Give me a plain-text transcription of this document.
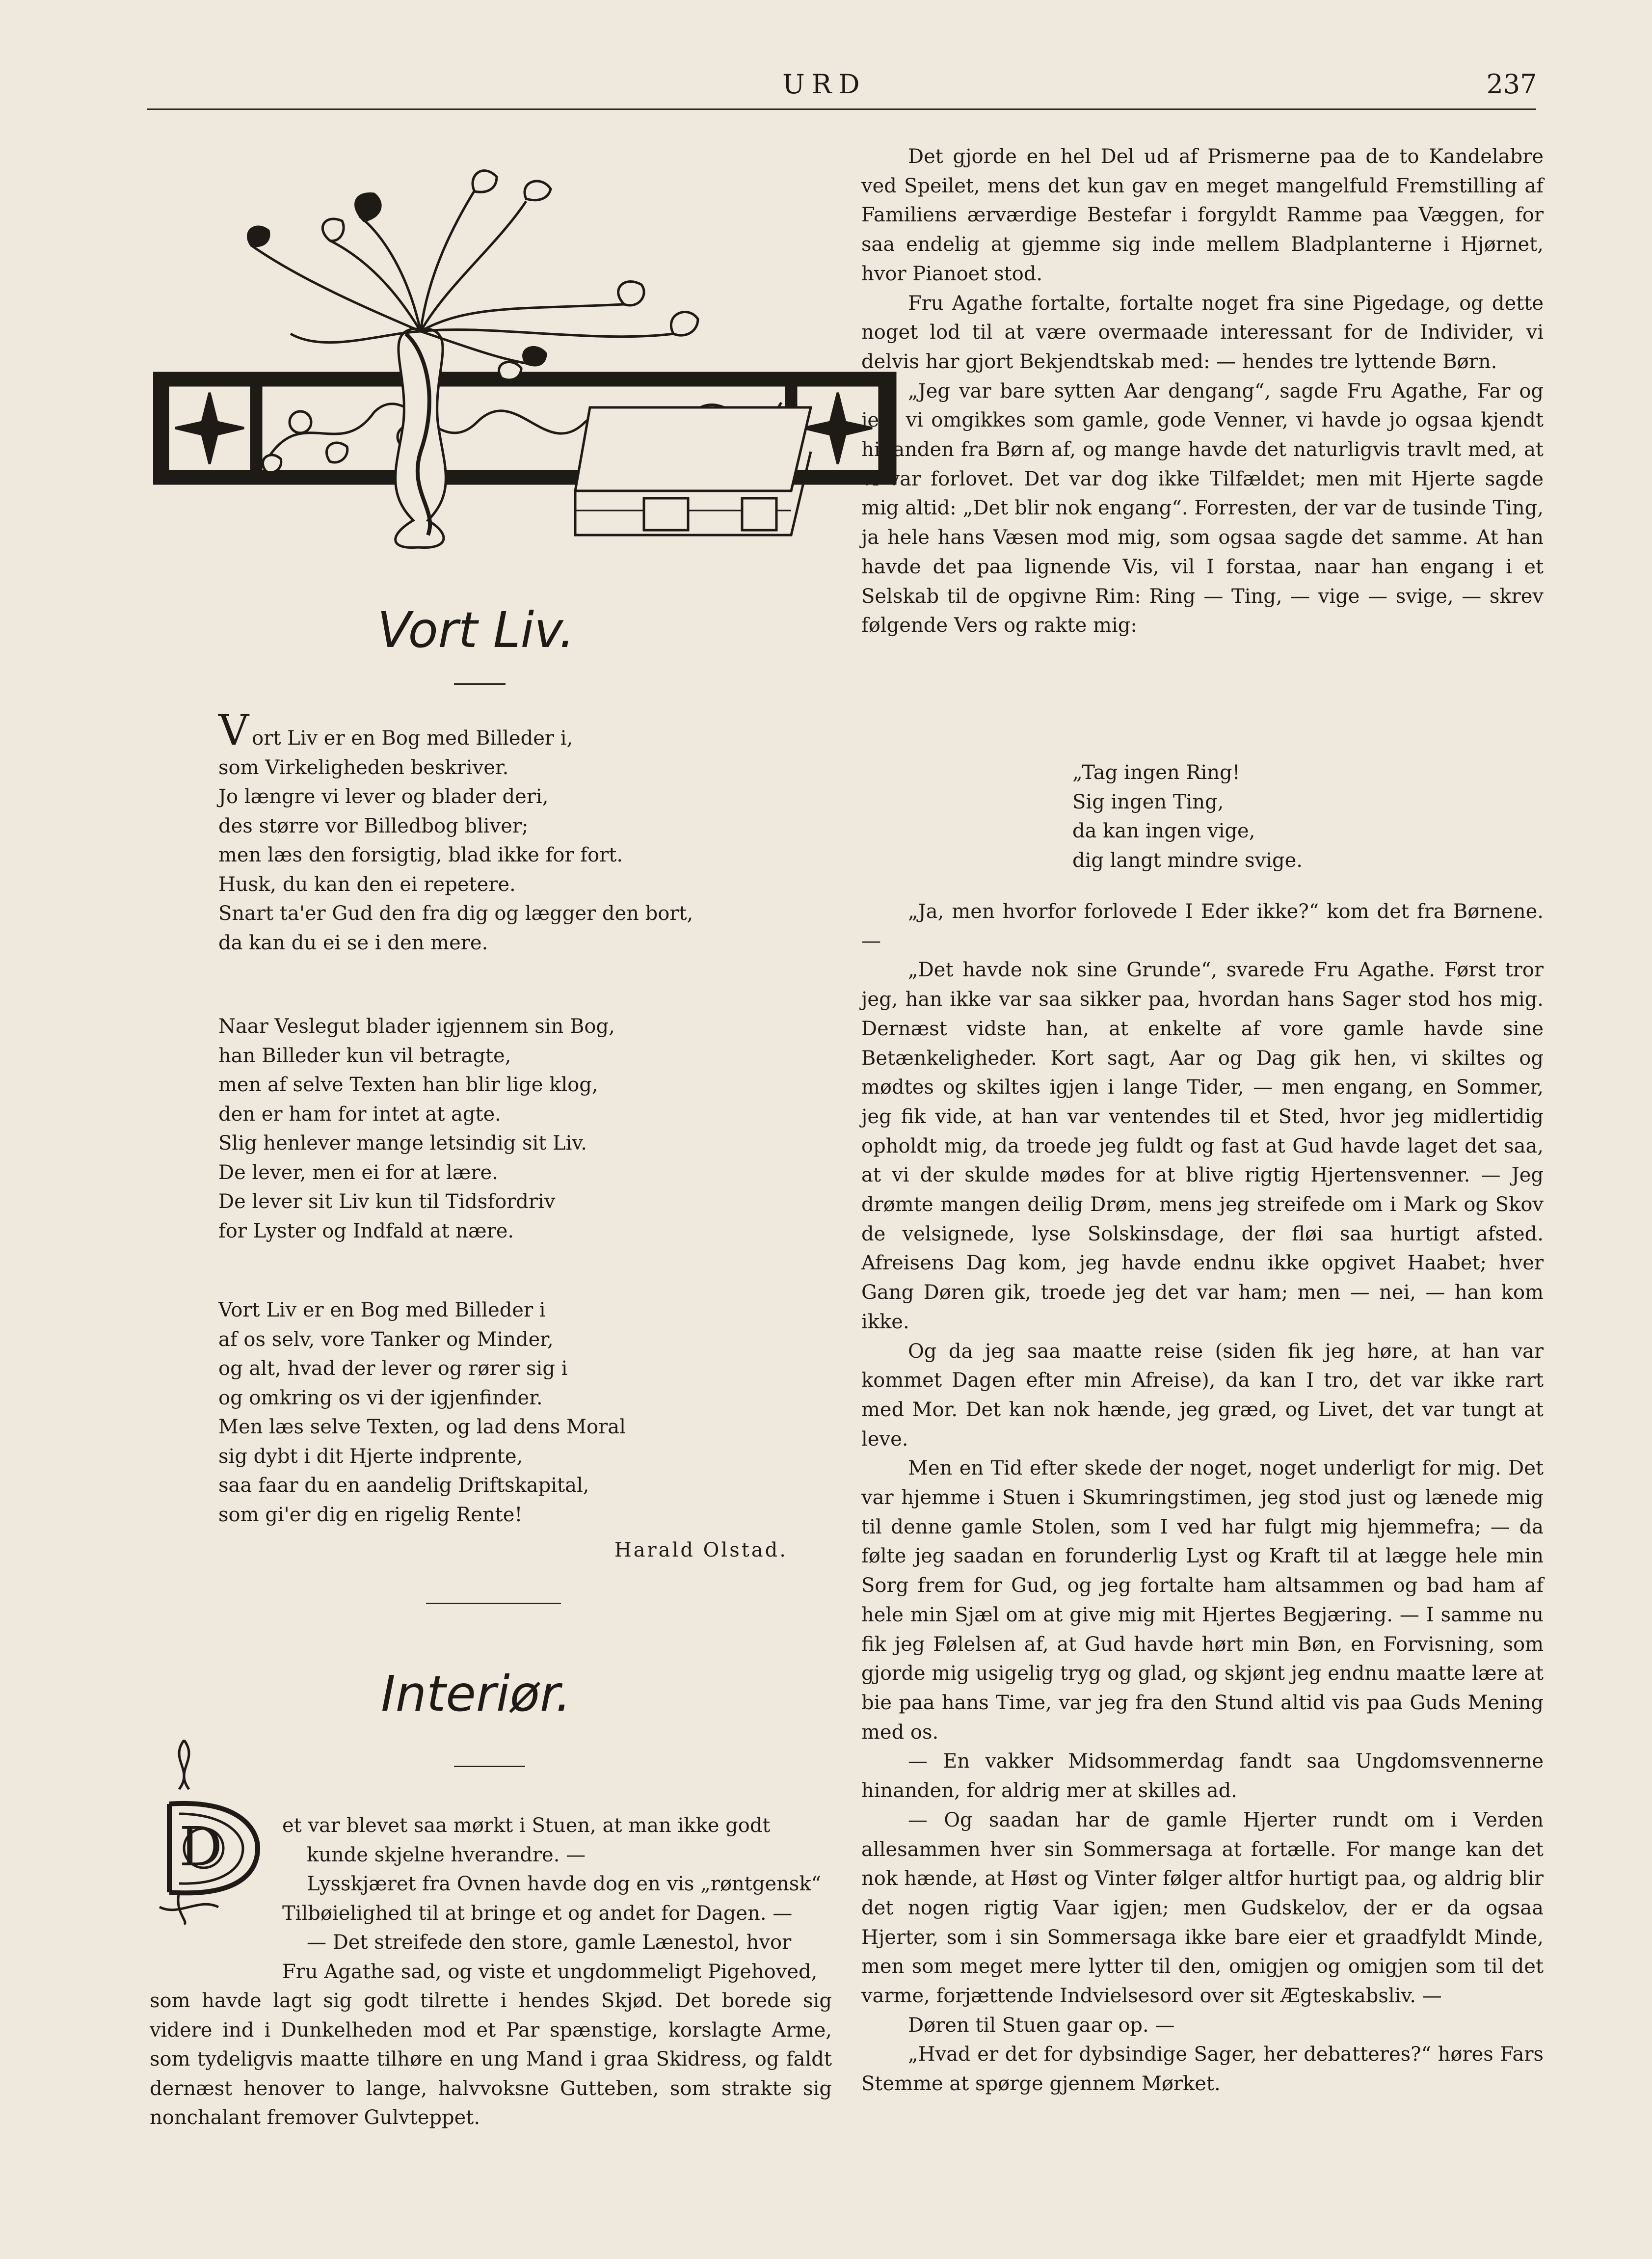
URD	237
Ang.
Vort Liv.
Vort Liv er en Bog med Billeder i,
som Virkeligheden beskriver.
Jo længre vi lever og blader deri,
des større vor Billedbog bliver;
men læs den forsigtig, blad ikke for fort.
Husk, du kan den ei repetere.
Snart ta'er Gud den fra dig og lægger den bort,
da kan du ei se i den mere.
Naar Veslegut blader igjennem sin Bog,
han Billeder kun vil betragte,
men af selve Texten han blir lige klog,
den er ham for intet at agte.
Slig henlever mange letsindig sit Liv.
De lever, men ei for at lære.
De lever sit Liv kun til Tidsfordriv
for Lyster og Indfald at nære.
Vort Liv er en Bog med Billeder i
af os selv, vore Tanker og Minder,
og alt, hvad der lever og rører sig i
og omkring os vi der igjenfinder.
Men læs selve Texten, og lad dens Moral
sig dybt i dit Hjerte indprente,
saa faar du en aandelig Driftskapital,
som gi'er dig en rigelig Rente!
Harald Olstad.
Interiør.
D	et var blevet saa mørkt i Stuen, at man ikke godt
kunde skjelne hverandre. —
Lysskjæret fra Ovnen havde dog en vis „røntgensk“
Tilbøielighed til at bringe et og andet for Dagen. —
— Det streifede den store, gamle Lænestol, hvor
Fru Agathe sad, og viste et ungdommeligt Pigehoved,
som havde lagt sig godt tilrette i hendes Skjød. Det borede sig videre ind i Dunkelheden mod et Par spænstige, korslagte Arme, som tydeligvis maatte tilhøre en ung Mand i graa Skidress, og faldt dernæst henover to lange, halvvoksne Gutteben, som strakte sig nonchalant fremover Gulvteppet.

Det gjorde en hel Del ud af Prismerne paa de to Kandelabre ved Speilet, mens det kun gav en meget mangelfuld Fremstilling af Familiens ærværdige Bestefar i forgyldt Ramme paa Væggen, for saa endelig at gjemme sig inde mellem Bladplanterne i Hjørnet, hvor Pianoet stod.

Fru Agathe fortalte, fortalte noget fra sine Pigedage, og dette noget lod til at være overmaade interessant for de Individer, vi delvis har gjort Bekjendtskab med: — hendes tre lyttende Børn.

„Jeg var bare sytten Aar dengang“, sagde Fru Agathe, Far og jeg, vi omgikkes som gamle, gode Venner, vi havde jo ogsaa kjendt hinanden fra Børn af, og mange havde det naturligvis travlt med, at vi var forlovet. Det var dog ikke Tilfældet; men mit Hjerte sagde mig altid: „Det blir nok engang“. Forresten, der var de tusinde Ting, ja hele hans Væsen mod mig, som ogsaa sagde det samme. At han havde det paa lignende Vis, vil I forstaa, naar han engang i et Selskab til de opgivne Rim: Ring — Ting, — vige — svige, — skrev følgende Vers og rakte mig:

„Tag ingen Ring!
Sig ingen Ting,
da kan ingen vige,
dig langt mindre svige.

„Ja, men hvorfor forlovede I Eder ikke?“ kom det fra Børnene. —

„Det havde nok sine Grunde“, svarede Fru Agathe. Først tror jeg, han ikke var saa sikker paa, hvordan hans Sager stod hos mig. Dernæst vidste han, at enkelte af vore gamle havde sine Betænkeligheder. Kort sagt, Aar og Dag gik hen, vi skiltes og mødtes og skiltes igjen i lange Tider, — men engang, en Sommer, jeg fik vide, at han var ventendes til et Sted, hvor jeg midlertidig opholdt mig, da troede jeg fuldt og fast at Gud havde laget det saa, at vi der skulde mødes for at blive rigtig Hjertensvenner. — Jeg drømte mangen deilig Drøm, mens jeg streifede om i Mark og Skov de velsignede, lyse Solskinsdage, der fløi saa hurtigt afsted. Afreisens Dag kom, jeg havde endnu ikke opgivet Haabet; hver Gang Døren gik, troede jeg det var ham; men — nei, — han kom ikke.

Og da jeg saa maatte reise (siden fik jeg høre, at han var kommet Dagen efter min Afreise), da kan I tro, det var ikke rart med Mor. Det kan nok hænde, jeg græd, og Livet, det var tungt at leve.

Men en Tid efter skede der noget, noget underligt for mig. Det var hjemme i Stuen i Skumringstimen, jeg stod just og lænede mig til denne gamle Stolen, som I ved har fulgt mig hjemmefra; — da følte jeg saadan en forunderlig Lyst og Kraft til at lægge hele min Sorg frem for Gud, og jeg fortalte ham altsammen og bad ham af hele min Sjæl om at give mig mit Hjertes Begjæring. — I samme nu fik jeg Følelsen af, at Gud havde hørt min Bøn, en Forvisning, som gjorde mig usigelig tryg og glad, og skjønt jeg endnu maatte lære at bie paa hans Time, var jeg fra den Stund altid vis paa Guds Mening med os.

— En vakker Midsommerdag fandt saa Ungdomsvennerne hinanden, for aldrig mer at skilles ad.

— Og saadan har de gamle Hjerter rundt om i Verden allesammen hver sin Sommersaga at fortælle. For mange kan det nok hænde, at Høst og Vinter følger altfor hurtigt paa, og aldrig blir det nogen rigtig Vaar igjen; men Gudskelov, der er da ogsaa Hjerter, som i sin Sommersaga ikke bare eier et graadfyldt Minde, men som meget mere lytter til den, omigjen og omigjen som til det varme, forjættende Indvielsesord over sit Ægteskabsliv. —

Døren til Stuen gaar op. —

„Hvad er det for dybsindige Sager, her debatteres?“ høres Fars Stemme at spørge gjennem Mørket.
